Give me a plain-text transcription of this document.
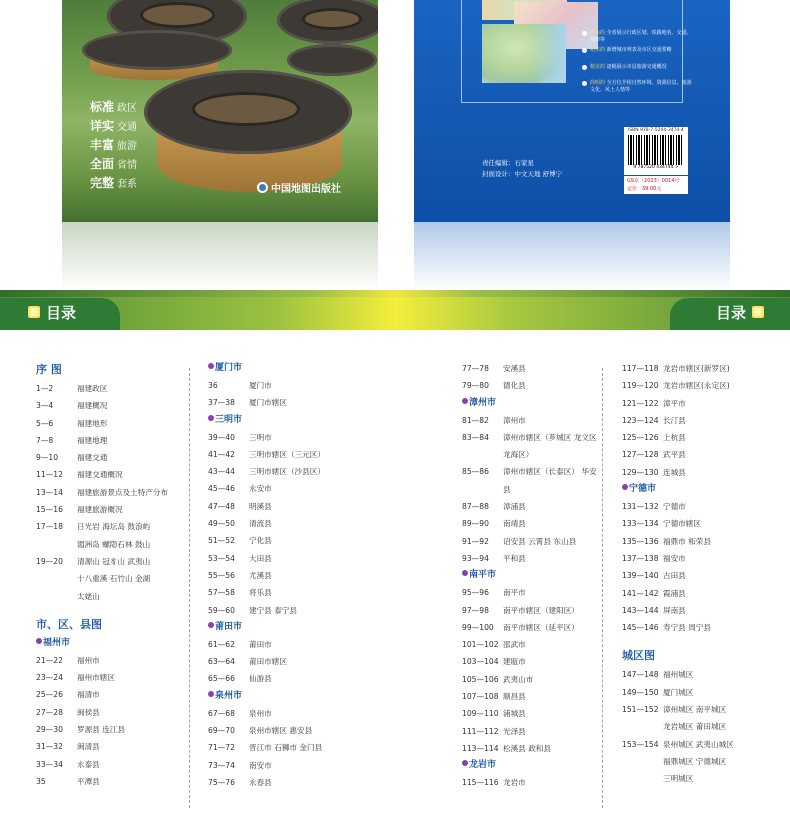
标准 政区
详实 交通
丰富 旅游
全面 省情
完整 套系	中国地图出版社
详标的 全省展示行政区划、铁路地名、交通、地形等
精美的 新增城市列表及市区交通要略
精美的 逐幅展示市县旅游交通概况
简明的 全方位介绍自然环境、资源信息、旅游文化、风土人情等
责任编辑：石家星
封面设计：中文天地 舒博宁
9 787520 434744 >
ISBN 978-7-5204-3474-4
GS京（2023）0014号
定价：39.00元
目录	目录
序 图
1—2	福建政区
3—4	福建概况
5—6	福建地形
7—8	福建地理
9—10	福建交通
11—12	福建交通概况
13—14	福建旅游景点及土特产分布
15—16	福建旅游概况
17—18	日光岩 海坛岛 鼓浪屿
湄洲岛 螺隐石林 鼓山
19—20	清源山 冠豸山 武夷山
十八重溪 石竹山 金湖
太姥山
市、区、县图
福州市
21—22	福州市
23—24	福州市辖区
25—26	福清市
27—28	闽侯县
29—30	罗源县 连江县
31—32	闽清县
33—34	永泰县
35	平潭县
厦门市
36	厦门市
37—38	厦门市辖区
三明市
39—40	三明市
41—42	三明市辖区（三元区）
43—44	三明市辖区（沙县区）
45—46	永安市
47—48	明溪县
49—50	清流县
51—52	宁化县
53—54	大田县
55—56	尤溪县
57—58	将乐县
59—60	建宁县 泰宁县
莆田市
61—62	莆田市
63—64	莆田市辖区
65—66	仙游县
泉州市
67—68	泉州市
69—70	泉州市辖区 惠安县
71—72	晋江市 石狮市 金门县
73—74	南安市
75—76	永春县
77—78	安溪县
79—80	德化县
漳州市
81—82	漳州市
83—84	漳州市辖区（芗城区 龙文区
龙海区）
85—86	漳州市辖区（长泰区） 华安
县
87—88	漳浦县
89—90	南靖县
91—92	诏安县 云霄县 东山县
93—94	平和县
南平市
95—96	南平市
97—98	南平市辖区（建阳区）
99—100	南平市辖区（延平区）
101—102 邵武市
103—104 建瓯市
105—106 武夷山市
107—108 顺昌县
109—110 浦城县
111—112 光泽县
113—114 松溪县 政和县
龙岩市
115—116 龙岩市
117—118 龙岩市辖区(新罗区)
119—120 龙岩市辖区(永定区)
121—122 漳平市
123—124 长汀县
125—126 上杭县
127—128 武平县
129—130 连城县
宁德市
131—132 宁德市
133—134 宁德市辖区
135—136 福鼎市 柘荣县
137—138 福安市
139—140 古田县
141—142 霞浦县
143—144 屏南县
145—146 寿宁县 周宁县
城区图
147—148 福州城区
149—150 厦门城区
151—152 漳州城区 南平城区
龙岩城区 莆田城区
153—154 泉州城区 武夷山城区
福鼎城区 宁德城区
三明城区
